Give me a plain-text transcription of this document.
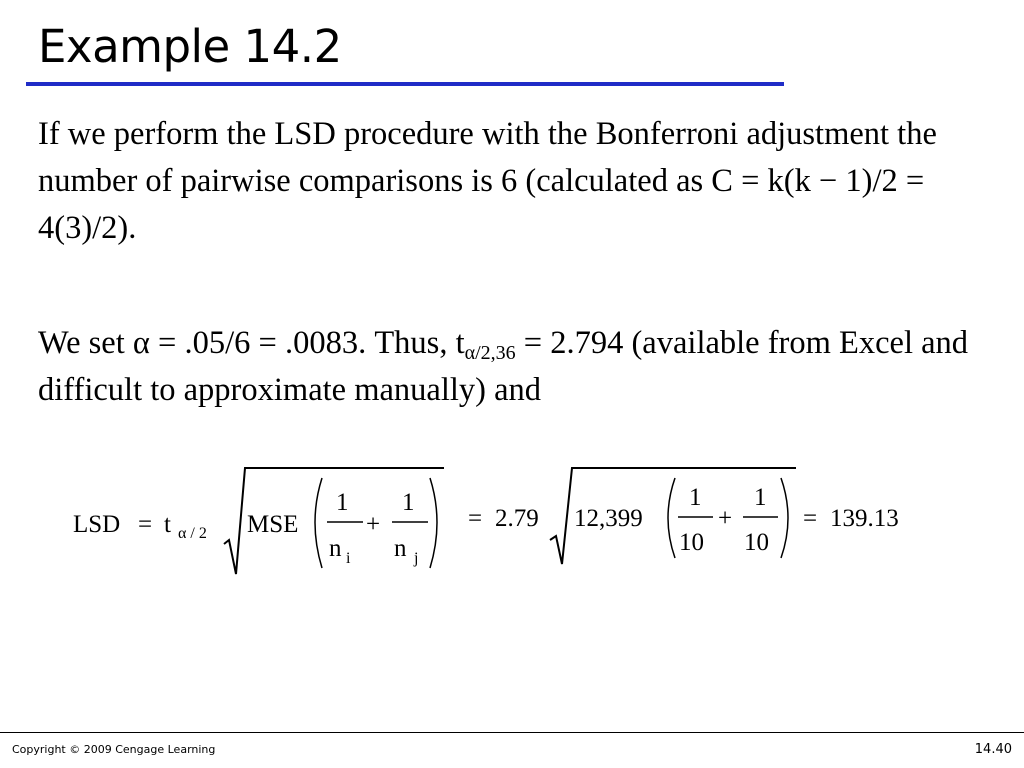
Example 14.2
If we perform the LSD procedure with the Bonferroni adjustment the number of pairwise comparisons is 6 (calculated as C = k(k − 1)/2 = 4(3)/2).
We set α = .05/6 = .0083. Thus, $t_{\alpha/2,36} = 2.794$ (available from Excel and difficult to approximate manually) and
LSD = t α / 2 MSE
1
n i
+
1
n j
= 2.79 12,399
1
10
+
1
10
= 139.13
Copyright © 2009 Cengage Learning	14.40
